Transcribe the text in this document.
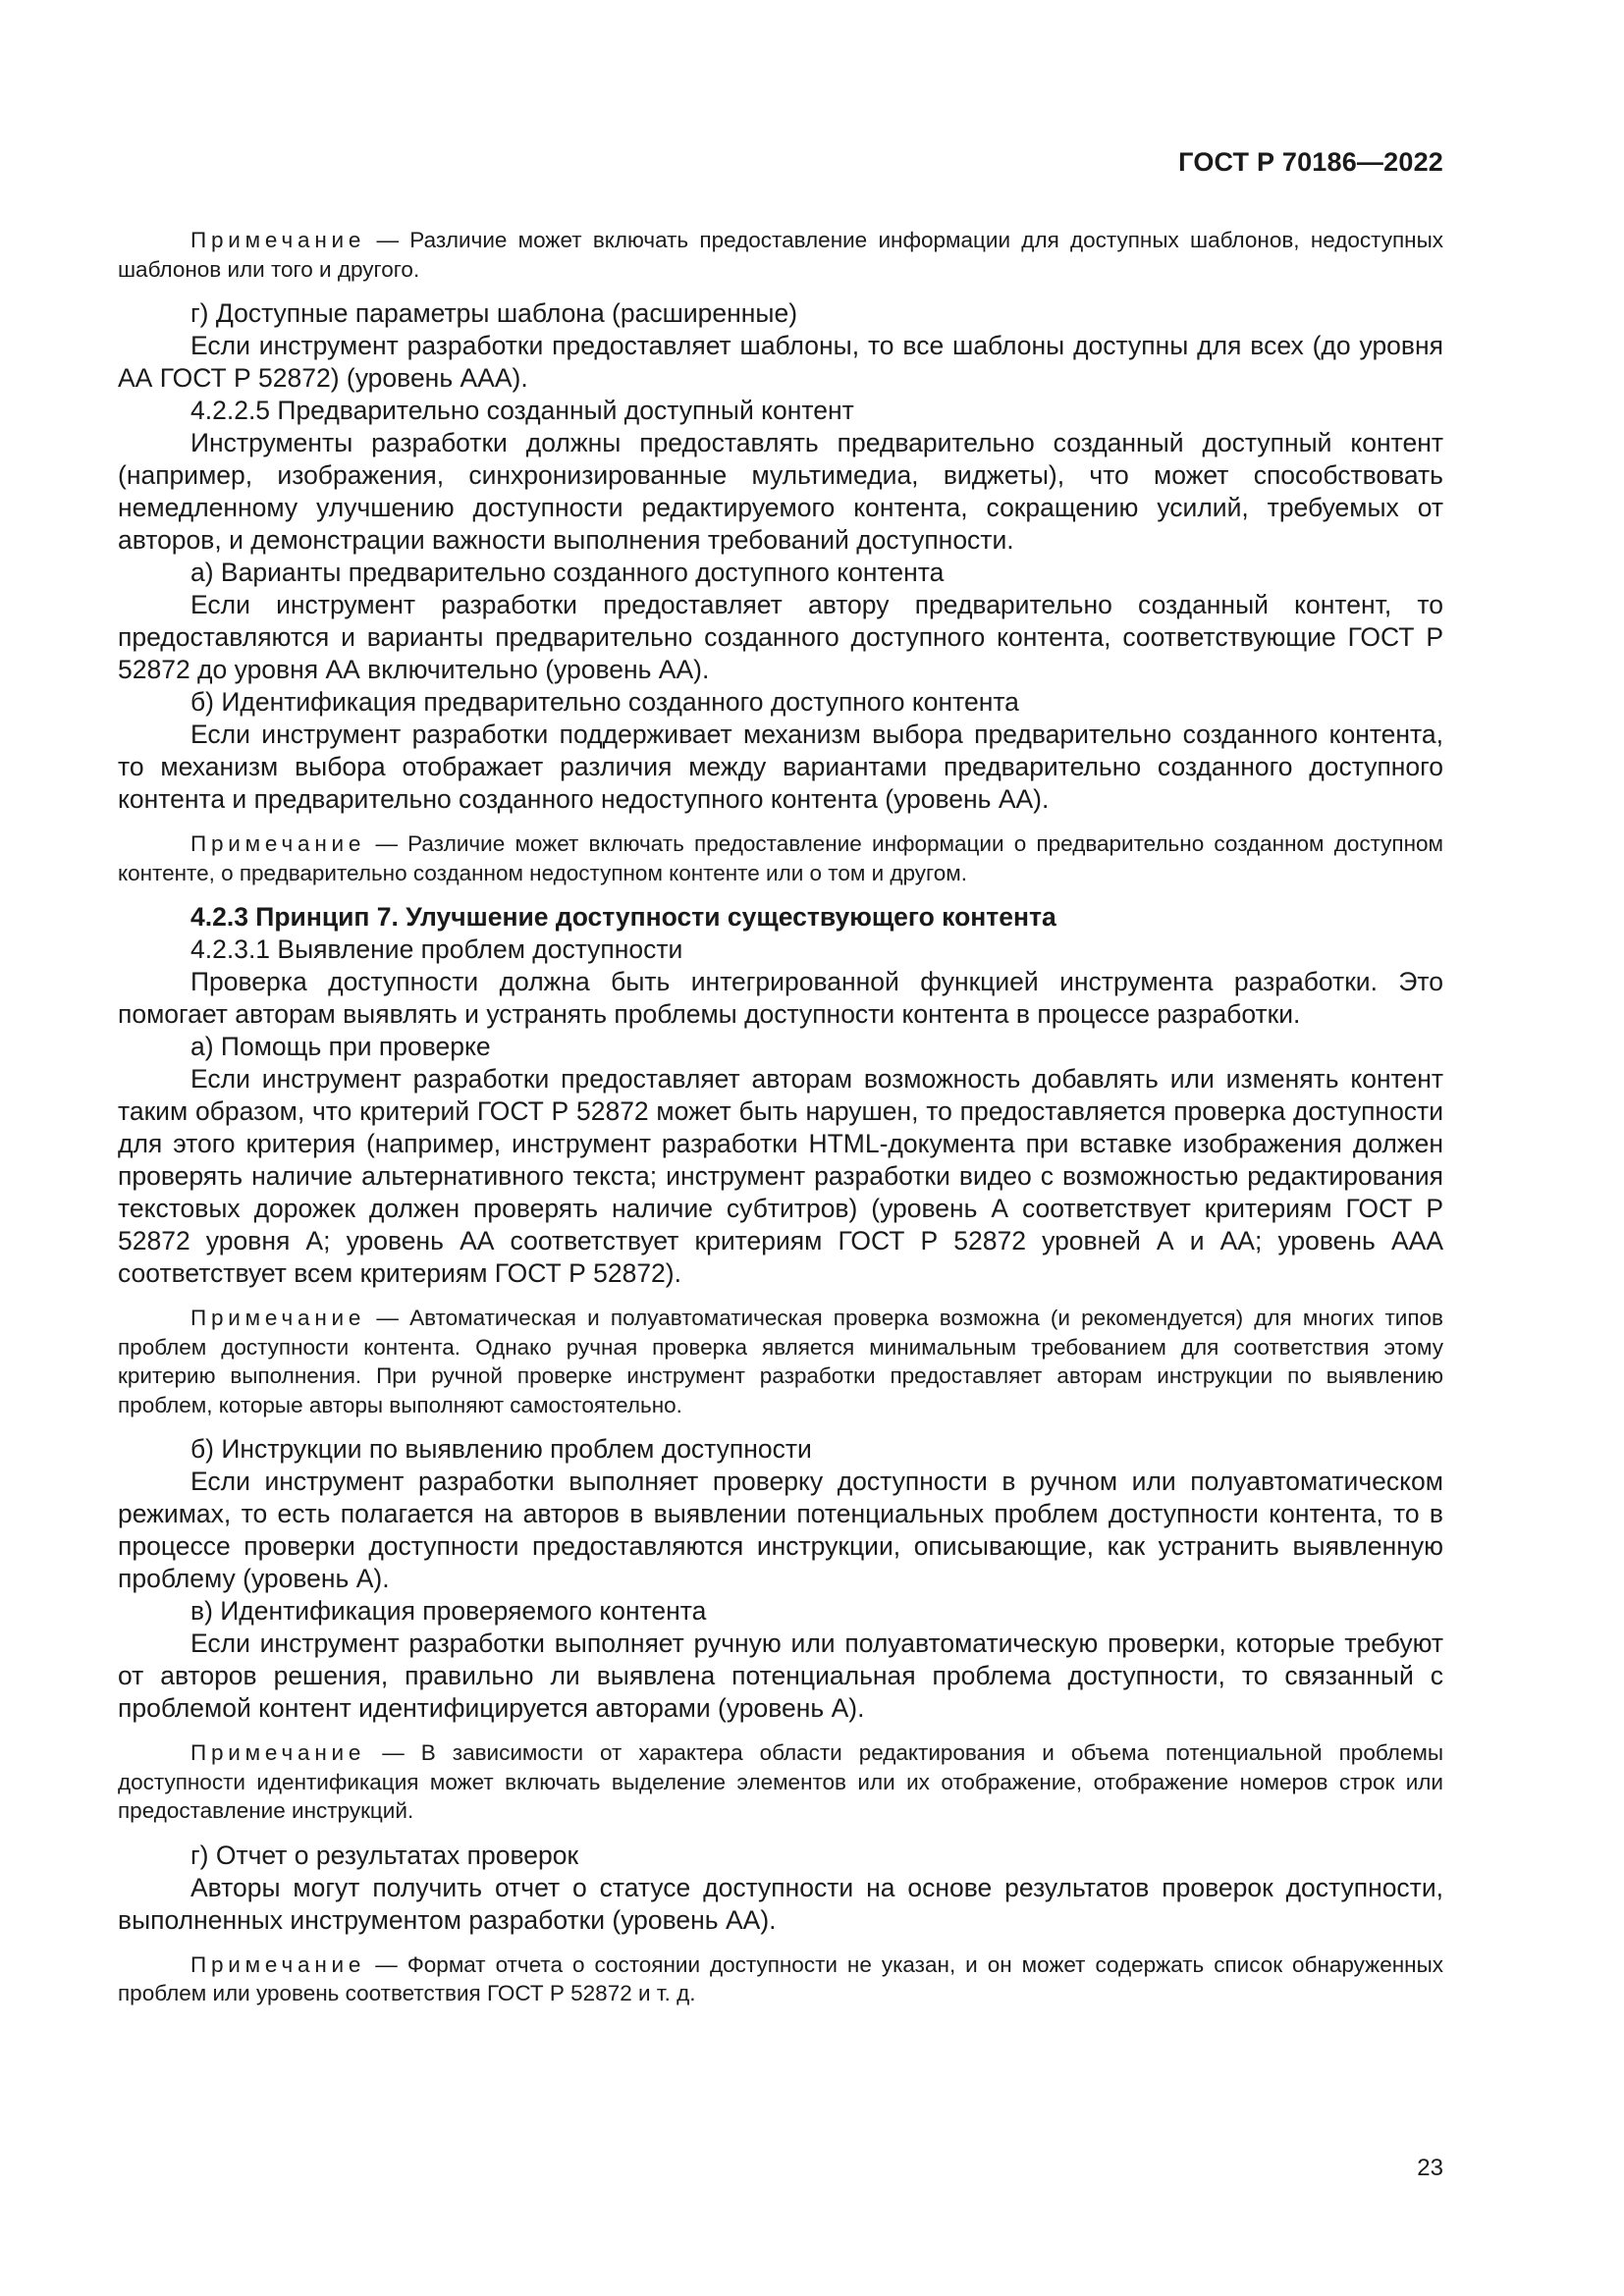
ГОСТ Р 70186—2022

Примечание — Различие может включать предоставление информации для доступных шаблонов, недоступных шаблонов или того и другого.

г) Доступные параметры шаблона (расширенные)

Если инструмент разработки предоставляет шаблоны, то все шаблоны доступны для всех (до уровня АА ГОСТ Р 52872) (уровень ААА).

4.2.2.5 Предварительно созданный доступный контент

Инструменты разработки должны предоставлять предварительно созданный доступный контент (например, изображения, синхронизированные мультимедиа, виджеты), что может способствовать немедленному улучшению доступности редактируемого контента, сокращению усилий, требуемых от авторов, и демонстрации важности выполнения требований доступности.

а) Варианты предварительно созданного доступного контента

Если инструмент разработки предоставляет автору предварительно созданный контент, то предоставляются и варианты предварительно созданного доступного контента, соответствующие ГОСТ Р 52872 до уровня АА включительно (уровень АА).

б) Идентификация предварительно созданного доступного контента

Если инструмент разработки поддерживает механизм выбора предварительно созданного контента, то механизм выбора отображает различия между вариантами предварительно созданного доступного контента и предварительно созданного недоступного контента (уровень АА).

Примечание — Различие может включать предоставление информации о предварительно созданном доступном контенте, о предварительно созданном недоступном контенте или о том и другом.

4.2.3 Принцип 7. Улучшение доступности существующего контента

4.2.3.1 Выявление проблем доступности

Проверка доступности должна быть интегрированной функцией инструмента разработки. Это помогает авторам выявлять и устранять проблемы доступности контента в процессе разработки.

а) Помощь при проверке

Если инструмент разработки предоставляет авторам возможность добавлять или изменять контент таким образом, что критерий ГОСТ Р 52872 может быть нарушен, то предоставляется проверка доступности для этого критерия (например, инструмент разработки HTML-документа при вставке изображения должен проверять наличие альтернативного текста; инструмент разработки видео с возможностью редактирования текстовых дорожек должен проверять наличие субтитров) (уровень А соответствует критериям ГОСТ Р 52872 уровня А; уровень АА соответствует критериям ГОСТ Р 52872 уровней А и АА; уровень ААА соответствует всем критериям ГОСТ Р 52872).

Примечание — Автоматическая и полуавтоматическая проверка возможна (и рекомендуется) для многих типов проблем доступности контента. Однако ручная проверка является минимальным требованием для соответствия этому критерию выполнения. При ручной проверке инструмент разработки предоставляет авторам инструкции по выявлению проблем, которые авторы выполняют самостоятельно.

б) Инструкции по выявлению проблем доступности

Если инструмент разработки выполняет проверку доступности в ручном или полуавтоматическом режимах, то есть полагается на авторов в выявлении потенциальных проблем доступности контента, то в процессе проверки доступности предоставляются инструкции, описывающие, как устранить выявленную проблему (уровень А).

в) Идентификация проверяемого контента

Если инструмент разработки выполняет ручную или полуавтоматическую проверки, которые требуют от авторов решения, правильно ли выявлена потенциальная проблема доступности, то связанный с проблемой контент идентифицируется авторами (уровень А).

Примечание — В зависимости от характера области редактирования и объема потенциальной проблемы доступности идентификация может включать выделение элементов или их отображение, отображение номеров строк или предоставление инструкций.

г) Отчет о результатах проверок

Авторы могут получить отчет о статусе доступности на основе результатов проверок доступности, выполненных инструментом разработки (уровень АА).

Примечание — Формат отчета о состоянии доступности не указан, и он может содержать список обнаруженных проблем или уровень соответствия ГОСТ Р 52872 и т. д.

23
